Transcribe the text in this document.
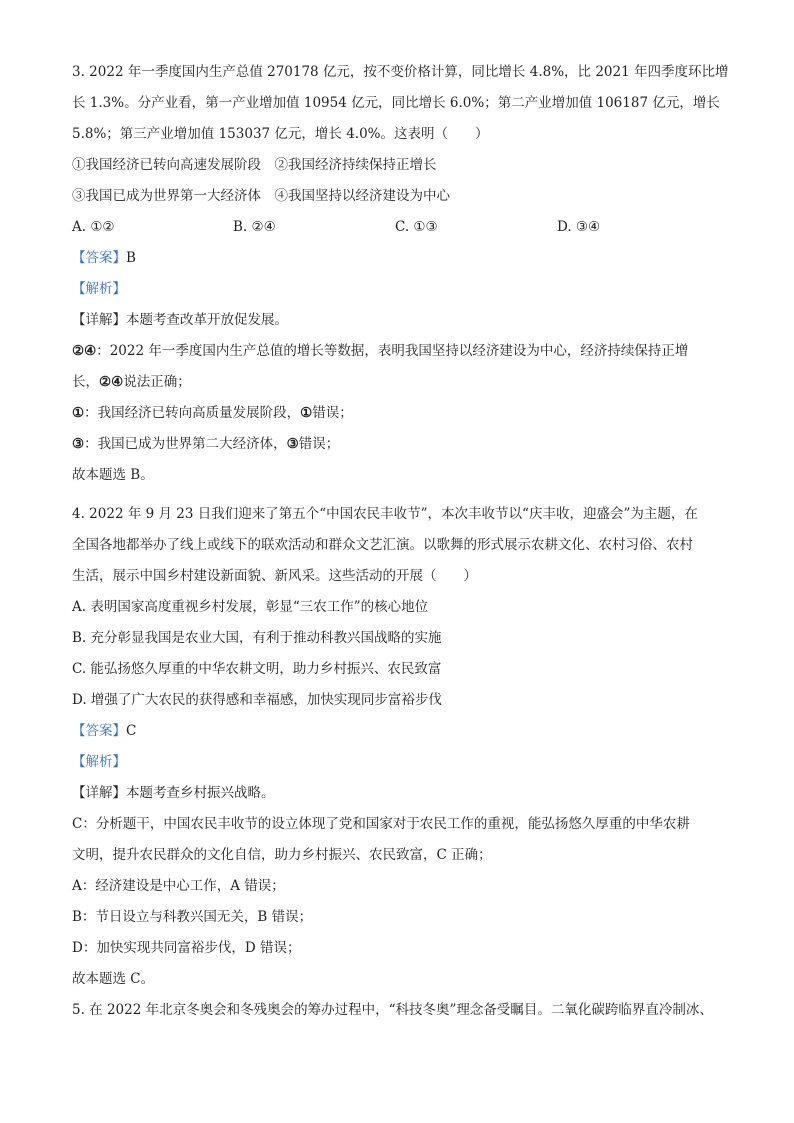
3. 2022 年一季度国内生产总值 270178 亿元，按不变价格计算，同比增长 4.8%，比 2021 年四季度环比增
长 1.3%。分产业看，第一产业增加值 10954 亿元，同比增长 6.0%；第二产业增加值 106187 亿元，增长
5.8%；第三产业增加值 153037 亿元，增长 4.0%。这表明（　　）
①我国经济已转向高速发展阶段　②我国经济持续保持正增长
③我国已成为世界第一大经济体　④我国坚持以经济建设为中心
A. ①②	B. ②④	C. ①③	D. ③④
【答案】B
【解析】
【详解】本题考查改革开放促发展。
②④：2022 年一季度国内生产总值的增长等数据，表明我国坚持以经济建设为中心，经济持续保持正增
长，②④说法正确；
①：我国经济已转向高质量发展阶段，①错误；
③：我国已成为世界第二大经济体，③错误；
故本题选 B。
4. 2022 年 9 月 23 日我们迎来了第五个“中国农民丰收节”，本次丰收节以“庆丰收，迎盛会”为主题，在
全国各地都举办了线上或线下的联欢活动和群众文艺汇演。以歌舞的形式展示农耕文化、农村习俗、农村
生活，展示中国乡村建设新面貌、新风采。这些活动的开展（　　）
A. 表明国家高度重视乡村发展，彰显“三农工作”的核心地位
B. 充分彰显我国是农业大国，有利于推动科教兴国战略的实施
C. 能弘扬悠久厚重的中华农耕文明，助力乡村振兴、农民致富
D. 增强了广大农民的获得感和幸福感，加快实现同步富裕步伐
【答案】C
【解析】
【详解】本题考查乡村振兴战略。
C：分析题干，中国农民丰收节的设立体现了党和国家对于农民工作的重视，能弘扬悠久厚重的中华农耕
文明，提升农民群众的文化自信，助力乡村振兴、农民致富，C 正确；
A：经济建设是中心工作，A 错误；
B：节日设立与科教兴国无关，B 错误；
D：加快实现共同富裕步伐，D 错误；
故本题选 C。
5. 在 2022 年北京冬奥会和冬残奥会的筹办过程中，“科技冬奥”理念备受瞩目。二氧化碳跨临界直冷制冰、
